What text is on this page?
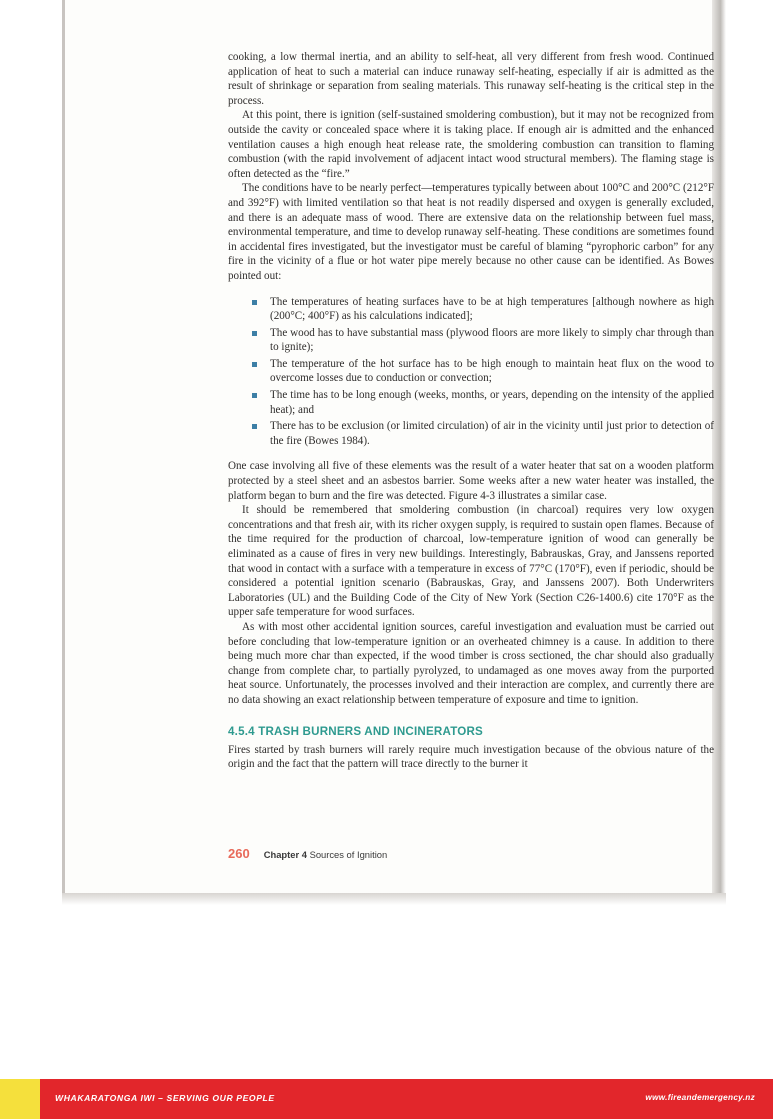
cooking, a low thermal inertia, and an ability to self-heat, all very different from fresh wood. Continued application of heat to such a material can induce runaway self-heating, especially if air is admitted as the result of shrinkage or separation from sealing materials. This runaway self-heating is the critical step in the process.

At this point, there is ignition (self-sustained smoldering combustion), but it may not be recognized from outside the cavity or concealed space where it is taking place. If enough air is admitted and the enhanced ventilation causes a high enough heat release rate, the smoldering combustion can transition to flaming combustion (with the rapid involvement of adjacent intact wood structural members). The flaming stage is often detected as the “fire.”

The conditions have to be nearly perfect—temperatures typically between about 100°C and 200°C (212°F and 392°F) with limited ventilation so that heat is not readily dispersed and oxygen is generally excluded, and there is an adequate mass of wood. There are extensive data on the relationship between fuel mass, environmental temperature, and time to develop runaway self-heating. These conditions are sometimes found in accidental fires investigated, but the investigator must be careful of blaming “pyrophoric carbon” for any fire in the vicinity of a flue or hot water pipe merely because no other cause can be identified. As Bowes pointed out:

The temperatures of heating surfaces have to be at high temperatures [although nowhere as high (200°C; 400°F) as his calculations indicated];
The wood has to have substantial mass (plywood floors are more likely to simply char through than to ignite);
The temperature of the hot surface has to be high enough to maintain heat flux on the wood to overcome losses due to conduction or convection;
The time has to be long enough (weeks, months, or years, depending on the intensity of the applied heat); and
There has to be exclusion (or limited circulation) of air in the vicinity until just prior to detection of the fire (Bowes 1984).

One case involving all five of these elements was the result of a water heater that sat on a wooden platform protected by a steel sheet and an asbestos barrier. Some weeks after a new water heater was installed, the platform began to burn and the fire was detected. Figure 4-3 illustrates a similar case.

It should be remembered that smoldering combustion (in charcoal) requires very low oxygen concentrations and that fresh air, with its richer oxygen supply, is required to sustain open flames. Because of the time required for the production of charcoal, low-temperature ignition of wood can generally be eliminated as a cause of fires in very new buildings. Interestingly, Babrauskas, Gray, and Janssens reported that wood in contact with a surface with a temperature in excess of 77°C (170°F), even if periodic, should be considered a potential ignition scenario (Babrauskas, Gray, and Janssens 2007). Both Underwriters Laboratories (UL) and the Building Code of the City of New York (Section C26-1400.6) cite 170°F as the upper safe temperature for wood surfaces.

As with most other accidental ignition sources, careful investigation and evaluation must be carried out before concluding that low-temperature ignition or an overheated chimney is a cause. In addition to there being much more char than expected, if the wood timber is cross sectioned, the char should also gradually change from complete char, to partially pyrolyzed, to undamaged as one moves away from the purported heat source. Unfortunately, the processes involved and their interaction are complex, and currently there are no data showing an exact relationship between temperature of exposure and time to ignition.

4.5.4 TRASH BURNERS AND INCINERATORS

Fires started by trash burners will rarely require much investigation because of the obvious nature of the origin and the fact that the pattern will trace directly to the burner it

260 Chapter 4 Sources of Ignition
WHAKARATONGA IWI – SERVING OUR PEOPLE	www.fireandemergency.nz
